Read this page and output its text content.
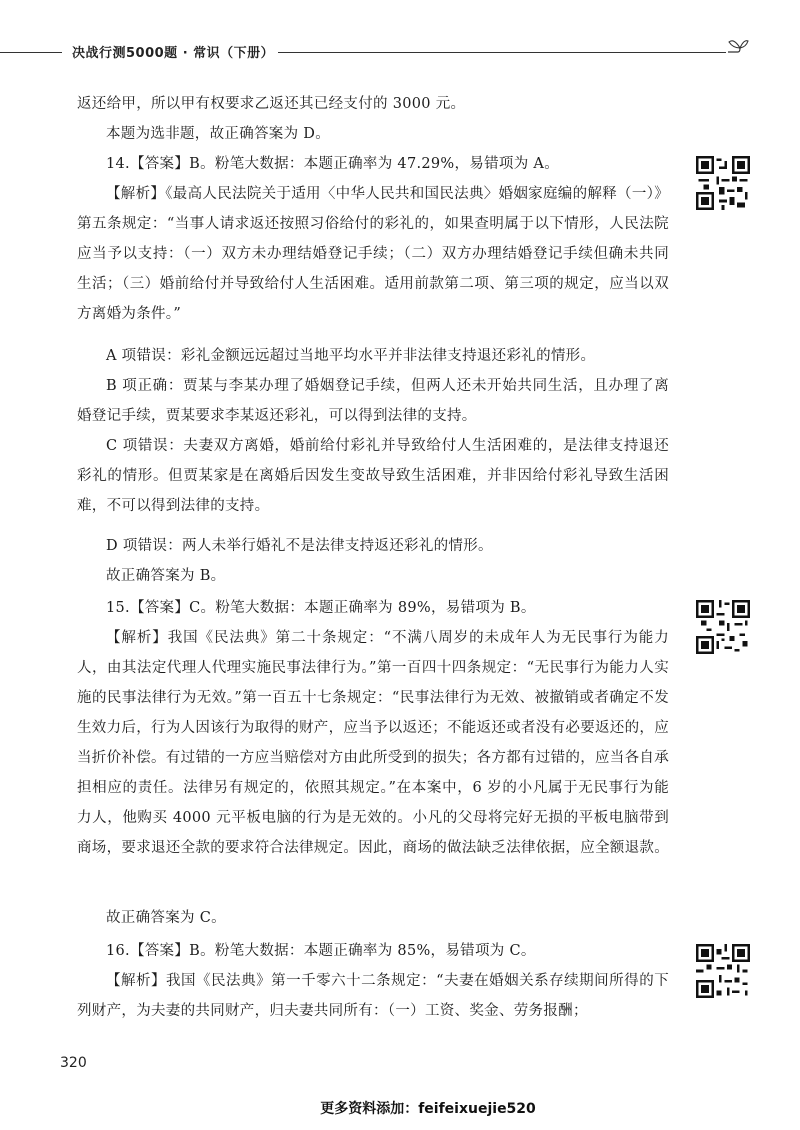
决战行测5000题 · 常识（下册）

返还给甲，所以甲有权要求乙返还其已经支付的 3000 元。

本题为选非题，故正确答案为 D。

14.【答案】B。粉笔大数据：本题正确率为 47.29%，易错项为 A。

【解析】《最高人民法院关于适用〈中华人民共和国民法典〉婚姻家庭编的解释（一）》第五条规定：“当事人请求返还按照习俗给付的彩礼的，如果查明属于以下情形，人民法院应当予以支持：（一）双方未办理结婚登记手续；（二）双方办理结婚登记手续但确未共同生活；（三）婚前给付并导致给付人生活困难。适用前款第二项、第三项的规定，应当以双方离婚为条件。”

A 项错误：彩礼金额远远超过当地平均水平并非法律支持退还彩礼的情形。

B 项正确：贾某与李某办理了婚姻登记手续，但两人还未开始共同生活，且办理了离婚登记手续，贾某要求李某返还彩礼，可以得到法律的支持。

C 项错误：夫妻双方离婚，婚前给付彩礼并导致给付人生活困难的，是法律支持退还彩礼的情形。但贾某家是在离婚后因发生变故导致生活困难，并非因给付彩礼导致生活困难，不可以得到法律的支持。

D 项错误：两人未举行婚礼不是法律支持返还彩礼的情形。

故正确答案为 B。

15.【答案】C。粉笔大数据：本题正确率为 89%，易错项为 B。

【解析】我国《民法典》第二十条规定：“不满八周岁的未成年人为无民事行为能力人，由其法定代理人代理实施民事法律行为。”第一百四十四条规定：“无民事行为能力人实施的民事法律行为无效。”第一百五十七条规定：“民事法律行为无效、被撤销或者确定不发生效力后，行为人因该行为取得的财产，应当予以返还；不能返还或者没有必要返还的，应当折价补偿。有过错的一方应当赔偿对方由此所受到的损失；各方都有过错的，应当各自承担相应的责任。法律另有规定的，依照其规定。”在本案中，6 岁的小凡属于无民事行为能力人，他购买 4000 元平板电脑的行为是无效的。小凡的父母将完好无损的平板电脑带到商场，要求退还全款的要求符合法律规定。因此，商场的做法缺乏法律依据，应全额退款。

故正确答案为 C。

16.【答案】B。粉笔大数据：本题正确率为 85%，易错项为 C。

【解析】我国《民法典》第一千零六十二条规定：“夫妻在婚姻关系存续期间所得的下列财产，为夫妻的共同财产，归夫妻共同所有：（一）工资、奖金、劳务报酬；

320
更多资料添加：feifeixuejie520
